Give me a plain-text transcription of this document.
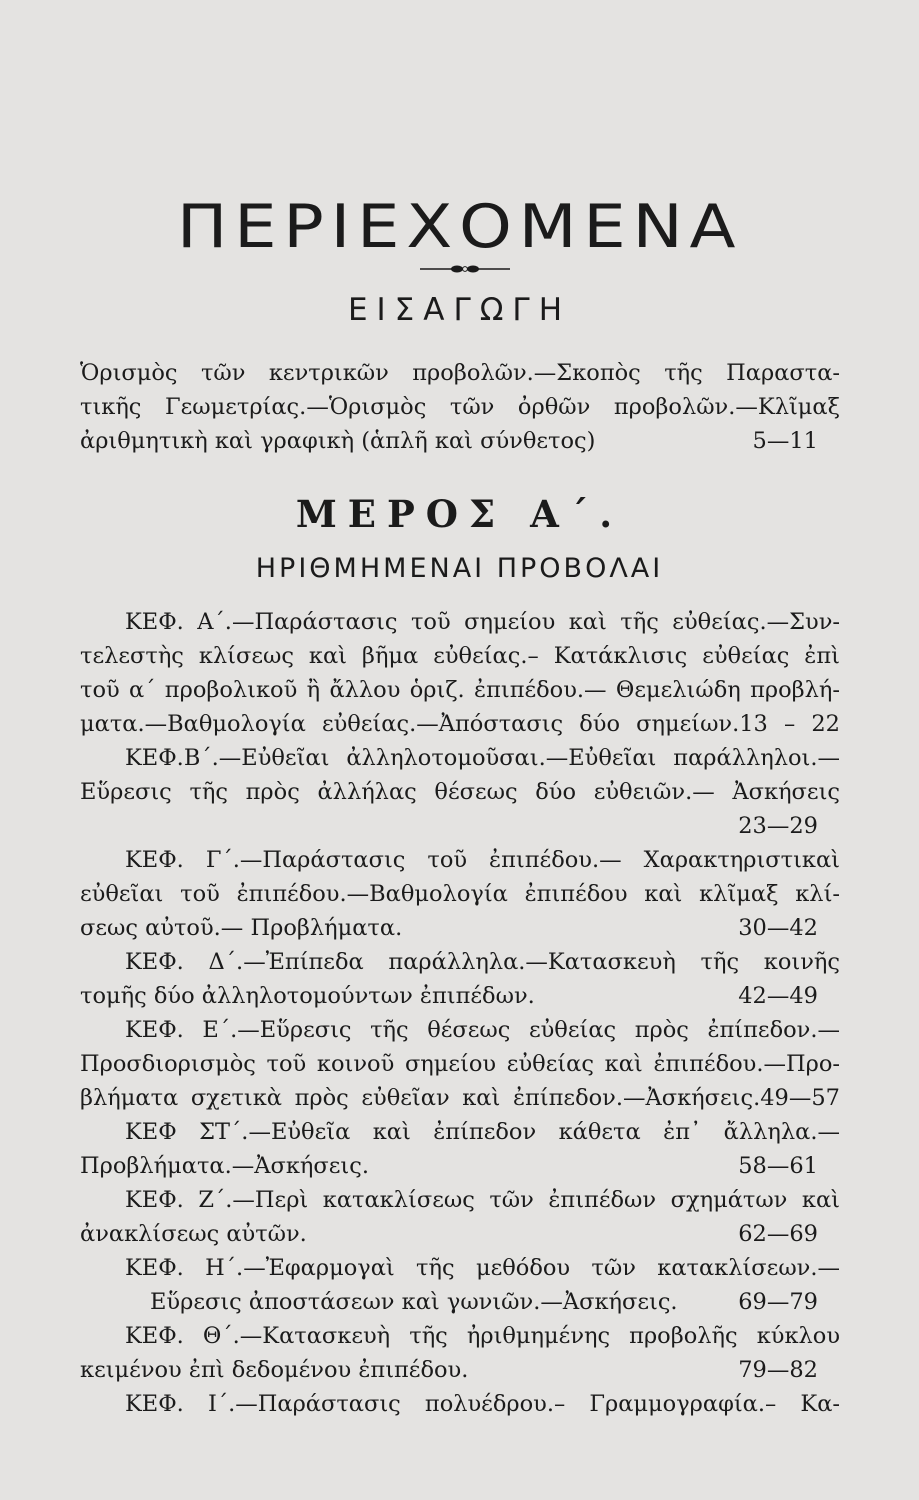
ΠΕΡΙΕΧΟΜΕΝΑ
ΕΙΣΑΓΩΓΗ
Ὁρισμὸς τῶν κεντρικῶν προβολῶν.—Σκοπὸς τῆς Παραστα-
τικῆς Γεωμετρίας.—Ὁρισμὸς τῶν ὀρθῶν προβολῶν.—Κλῖμαξ
ἀριθμητικὴ καὶ γραφικὴ (ἁπλῆ καὶ σύνθετος)	5—11
ΜΕΡΟΣ Α΄.
ΗΡΙΘΜΗΜΕΝΑΙ ΠΡΟΒΟΛΑΙ
ΚΕΦ. Α΄.—Παράστασις τοῦ σημείου καὶ τῆς εὐθείας.—Συν-
τελεστὴς κλίσεως καὶ βῆμα εὐθείας.– Κατάκλισις εὐθείας ἐπὶ
τοῦ α΄ προβολικοῦ ἢ ἄλλου ὁριζ. ἐπιπέδου.— Θεμελιώδη προβλή-
ματα.—Βαθμολογία εὐθείας.—Ἀπόστασις δύο σημείων.13 – 22
ΚΕΦ.Β΄.—Εὐθεῖαι ἀλληλοτομοῦσαι.—Εὐθεῖαι παράλληλοι.—
Εὕρεσις τῆς πρὸς ἀλλήλας θέσεως δύο εὐθειῶν.— Ἀσκήσεις
23—29
ΚΕΦ. Γ΄.—Παράστασις τοῦ ἐπιπέδου.— Χαρακτηριστικαὶ
εὐθεῖαι τοῦ ἐπιπέδου.—Βαθμολογία ἐπιπέδου καὶ κλῖμαξ κλί-
σεως αὐτοῦ.— Προβλήματα.	30—42
ΚΕΦ. Δ΄.—Ἐπίπεδα παράλληλα.—Κατασκευὴ τῆς κοινῆς
τομῆς δύο ἀλληλοτομούντων ἐπιπέδων.	42—49
ΚΕΦ. Ε΄.—Εὕρεσις τῆς θέσεως εὐθείας πρὸς ἐπίπεδον.—
Προσδιορισμὸς τοῦ κοινοῦ σημείου εὐθείας καὶ ἐπιπέδου.—Προ-
βλήματα σχετικὰ πρὸς εὐθεῖαν καὶ ἐπίπεδον.—Ἀσκήσεις.49—57
ΚΕΦ ΣΤ΄.—Εὐθεῖα καὶ ἐπίπεδον κάθετα ἐπ᾿ ἄλληλα.—
Προβλήματα.—Ἀσκήσεις.	58—61
ΚΕΦ. Ζ΄.—Περὶ κατακλίσεως τῶν ἐπιπέδων σχημάτων καὶ
ἀνακλίσεως αὐτῶν.	62—69
ΚΕΦ. Η΄.—Ἐφαρμογαὶ τῆς μεθόδου τῶν κατακλίσεων.—
Εὕρεσις ἀποστάσεων καὶ γωνιῶν.—Ἀσκήσεις.	69—79
ΚΕΦ. Θ΄.—Κατασκευὴ τῆς ἠριθμημένης προβολῆς κύκλου
κειμένου ἐπὶ δεδομένου ἐπιπέδου.	79—82
ΚΕΦ. Ι΄.—Παράστασις πολυέδρου.– Γραμμογραφία.– Κα-
